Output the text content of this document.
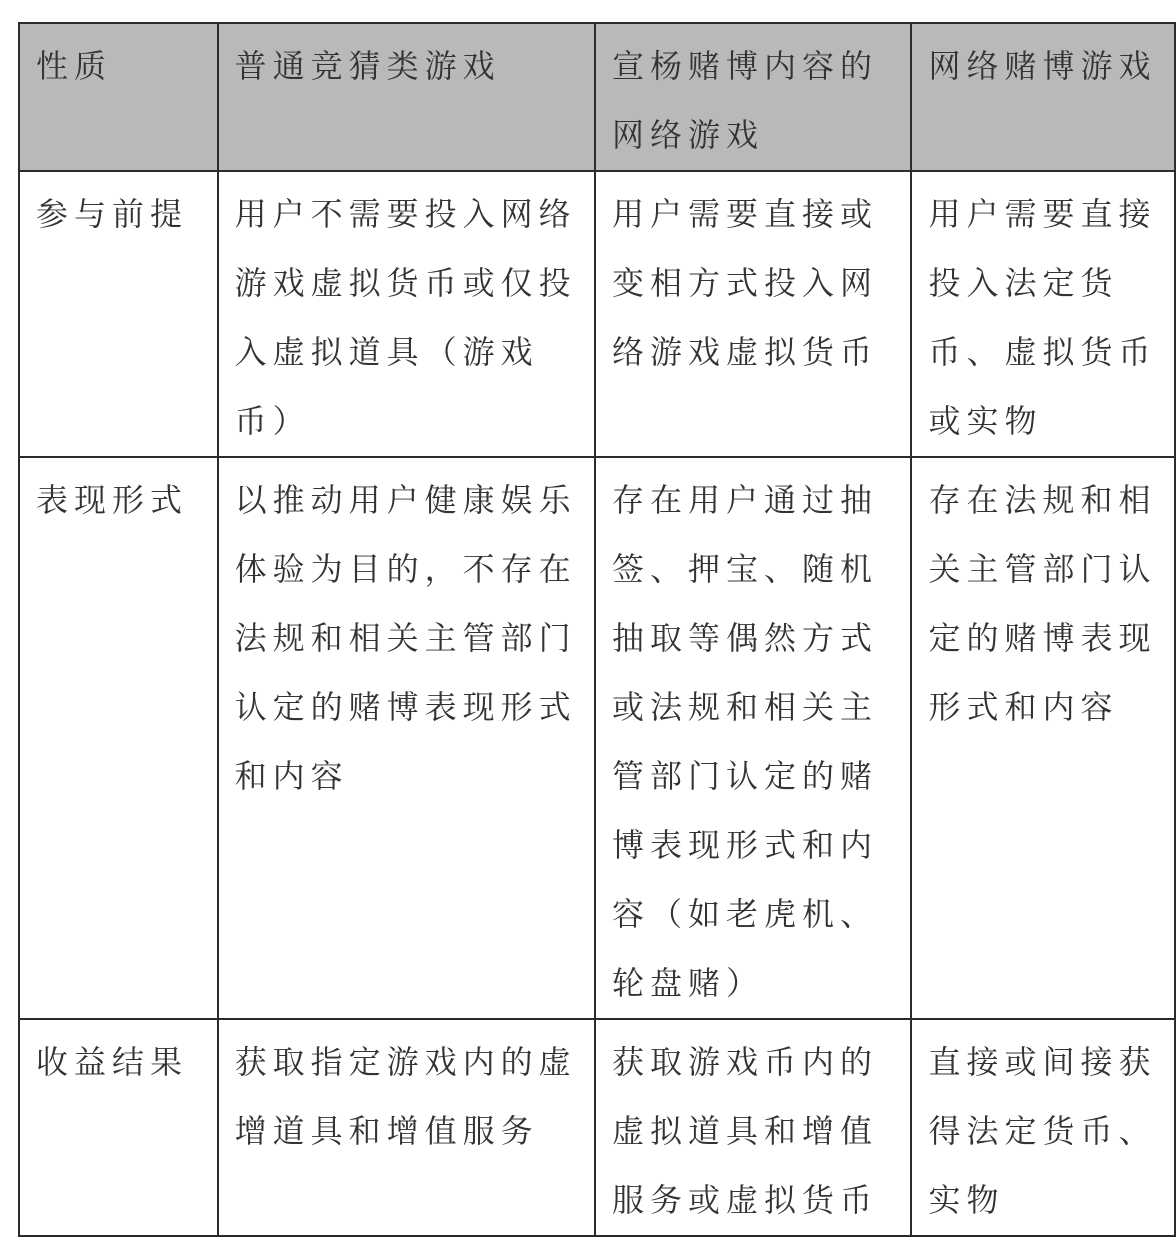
性质	普通竞猜类游戏	宣杨赌博内容的网络游戏	网络赌博游戏

参与前提	用户不需要投入网络游戏虚拟货币或仅投入虚拟道具（游戏币）	用户需要直接或变相方式投入网络游戏虚拟货币	用户需要直接投入法定货币、虚拟货币或实物

表现形式	以推动用户健康娱乐体验为目的，不存在法规和相关主管部门认定的赌博表现形式和内容	存在用户通过抽签、押宝、随机抽取等偶然方式或法规和相关主管部门认定的赌博表现形式和内容（如老虎机、轮盘赌）	存在法规和相关主管部门认定的赌博表现形式和内容

收益结果	获取指定游戏内的虚增道具和增值服务	获取游戏币内的虚拟道具和增值服务或虚拟货币	直接或间接获得法定货币、实物
